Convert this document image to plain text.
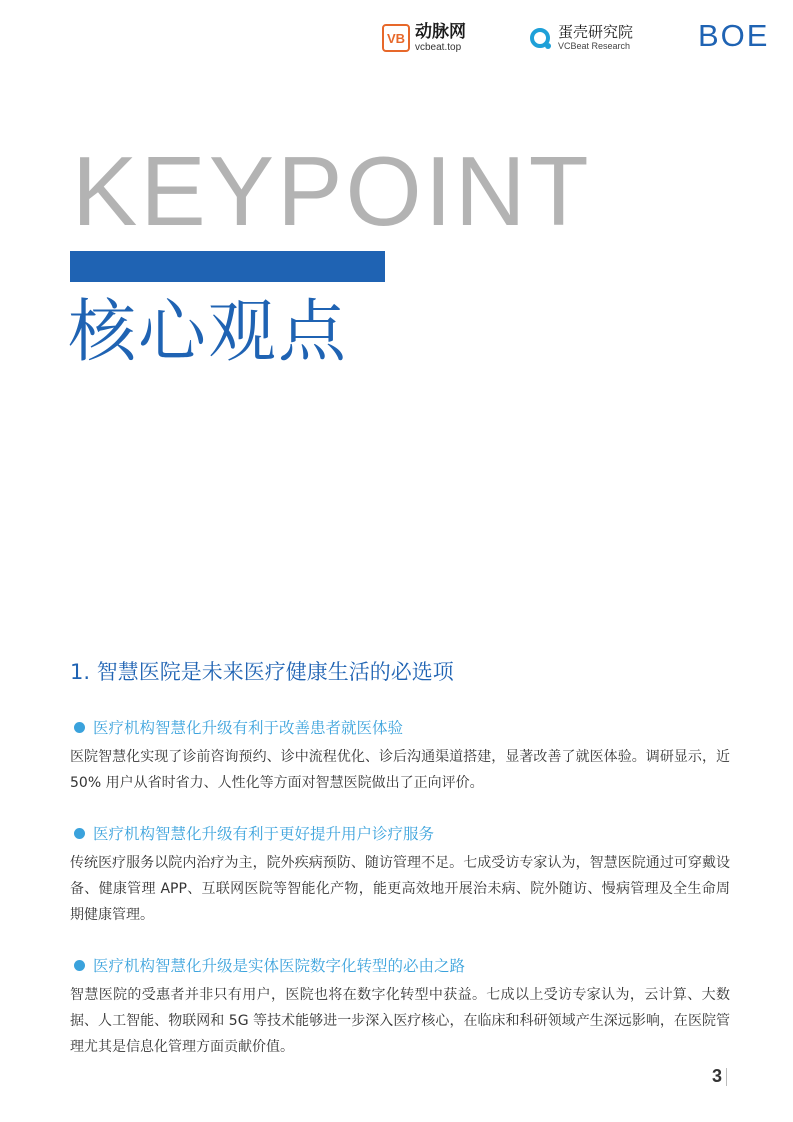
VB 动脉网
vcbeat.top
蛋壳研究院
VCBeat Research BOE
KEYPOINT
核心观点
1. 智慧医院是未来医疗健康生活的必选项
医疗机构智慧化升级有利于改善患者就医体验
医院智慧化实现了诊前咨询预约、诊中流程优化、诊后沟通渠道搭建，显著改善了就医体验。调研显示，近 50% 用户从省时省力、人性化等方面对智慧医院做出了正向评价。
医疗机构智慧化升级有利于更好提升用户诊疗服务
传统医疗服务以院内治疗为主，院外疾病预防、随访管理不足。七成受访专家认为，智慧医院通过可穿戴设备、健康管理 APP、互联网医院等智能化产物，能更高效地开展治未病、院外随访、慢病管理及全生命周期健康管理。
医疗机构智慧化升级是实体医院数字化转型的必由之路
智慧医院的受惠者并非只有用户，医院也将在数字化转型中获益。七成以上受访专家认为，云计算、大数据、人工智能、物联网和 5G 等技术能够进一步深入医疗核心，在临床和科研领域产生深远影响，在医院管理尤其是信息化管理方面贡献价值。
3
